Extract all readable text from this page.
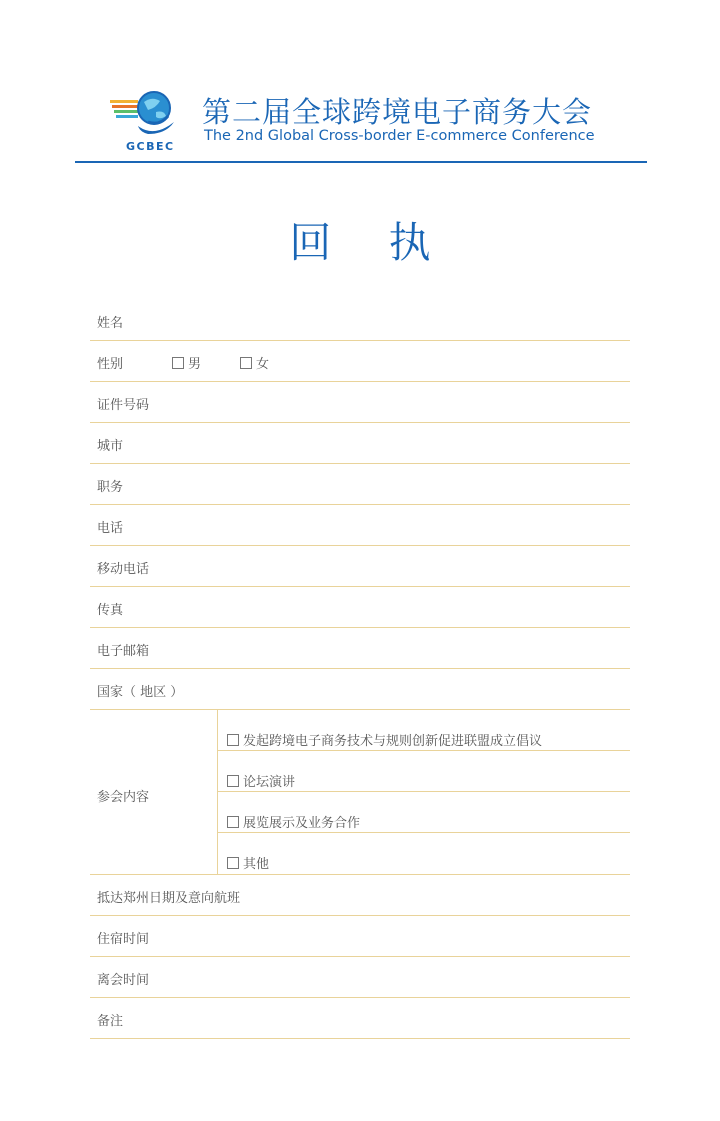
GCBEC
第二届全球跨境电子商务大会
The 2nd Global Cross-border E-commerce Conference
回 执
姓名
性别	男	女
证件号码
城市
职务
电话
移动电话
传真
电子邮箱
国家（ 地区 ）
参会内容
发起跨境电子商务技术与规则创新促进联盟成立倡议
论坛演讲
展览展示及业务合作
其他
抵达郑州日期及意向航班
住宿时间
离会时间
备注
